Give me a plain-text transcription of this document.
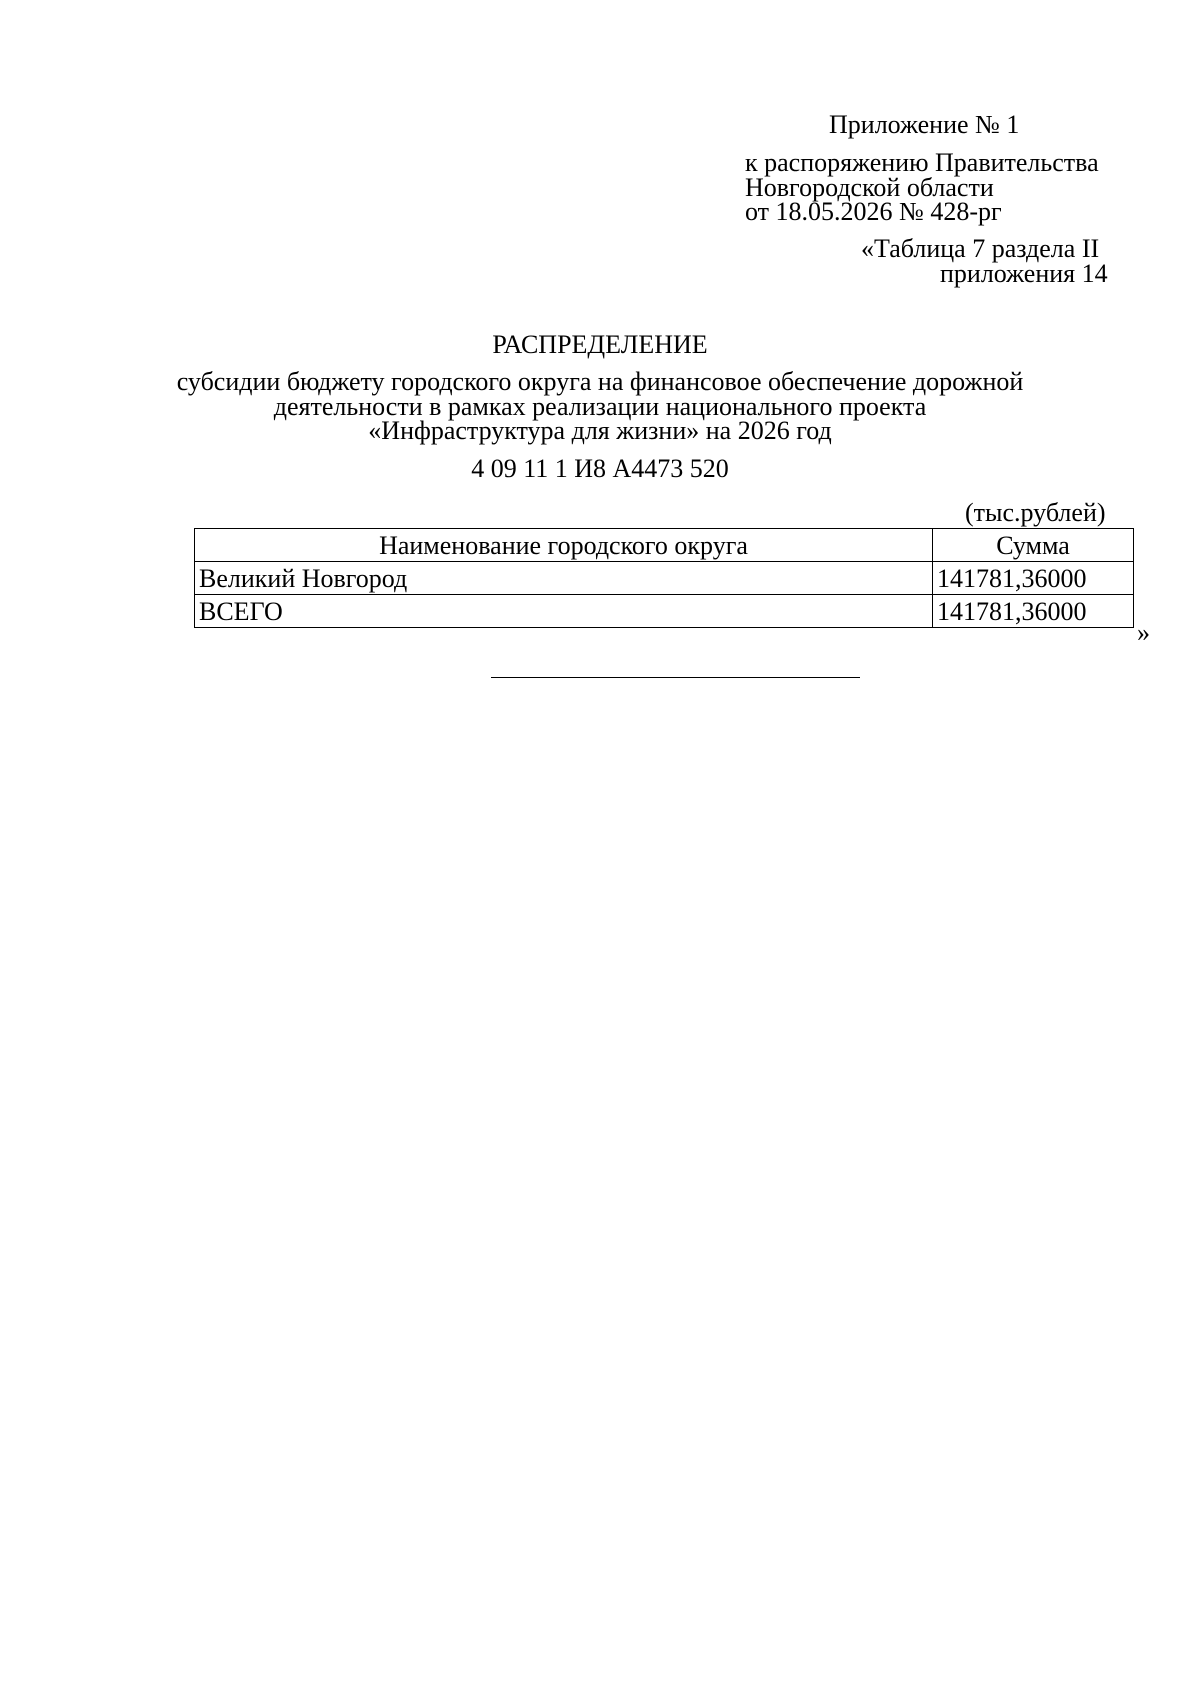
Приложение № 1
к распоряжению Правительства
Новгородской области
от 18.05.2026 № 428-рг
«Таблица 7 раздела II
приложения 14
РАСПРЕДЕЛЕНИЕ
субсидии бюджету городского округа на финансовое обеспечение дорожной
деятельности в рамках реализации национального проекта
«Инфраструктура для жизни» на 2026 год
4 09 11 1 И8 А4473 520
(тыс.рублей)
Наименование городского округа	Сумма
Великий Новгород	141781,36000
ВСЕГО	141781,36000
»
